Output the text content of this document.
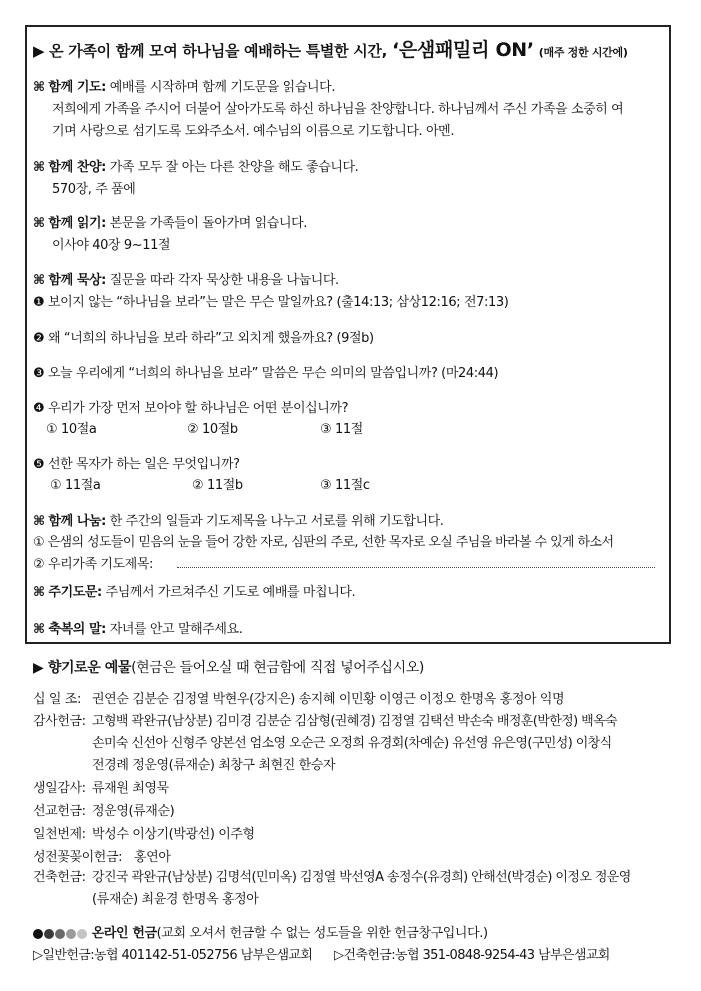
▶ 온 가족이 함께 모여 하나님을 예배하는 특별한 시간, ‘은샘패밀리 ON’ (매주 정한 시간에)
⌘ 함께 기도: 예배를 시작하며 함께 기도문을 읽습니다.
저희에게 가족을 주시어 더불어 살아가도록 하신 하나님을 찬양합니다. 하나님께서 주신 가족을 소중히 여
기며 사랑으로 섬기도록 도와주소서. 예수님의 이름으로 기도합니다. 아멘.
⌘ 함께 찬양: 가족 모두 잘 아는 다른 찬양을 해도 좋습니다.
570장, 주 품에
⌘ 함께 읽기: 본문을 가족들이 돌아가며 읽습니다.
이사야 40장 9~11절
⌘ 함께 묵상: 질문을 따라 각자 묵상한 내용을 나눕니다.
❶ 보이지 않는 “하나님을 보라”는 말은 무슨 말일까요? (출14:13; 삼상12:16; 전7:13)
❷ 왜 “너희의 하나님을 보라 하라”고 외치게 했을까요? (9절b)
❸ 오늘 우리에게 “너희의 하나님을 보라” 말씀은 무슨 의미의 말씀입니까? (마24:44)
❹ 우리가 가장 먼저 보아야 할 하나님은 어떤 분이십니까?
① 10절a	② 10절b	③ 11절
❺ 선한 목자가 하는 일은 무엇입니까?
① 11절a	② 11절b	③ 11절c
⌘ 함께 나눔: 한 주간의 일들과 기도제목을 나누고 서로를 위해 기도합니다.
① 은샘의 성도들이 믿음의 눈을 들어 강한 자로, 심판의 주로, 선한 목자로 오실 주님을 바라볼 수 있게 하소서
② 우리가족 기도제목:
⌘ 주기도문: 주님께서 가르쳐주신 기도로 예배를 마칩니다.
⌘ 축복의 말: 자녀를 안고 말해주세요.
▶ 향기로운 예물(현금은 들어오실 때 현금함에 직접 넣어주십시오)
십 일 조: 권연순 김분순 김정열 박현우(강지은) 송지혜 이민황 이영근 이정오 한명옥 홍정아 익명
감사헌금: 고형백 곽완규(남상분) 김미경 김분순 김삼형(권혜경) 김정열 김택선 박손숙 배정훈(박한정) 백옥숙
손미숙 신선아 신형주 양본선 엄소영 오순근 오정희 유경회(차예순) 유선영 유은영(구민성) 이창식
전경례 정운영(류재순) 최창구 최현진 한승자
생일감사: 류재원 최영묵
선교헌금: 정운영(류재순)
일천번제: 박성수 이상기(박광선) 이주형
성전꽃꽂이헌금: 홍연아
건축헌금: 강진국 곽완규(남상분) 김명석(민미옥) 김정열 박선영A 송정수(유경희) 안해선(박경순) 이정오 정운영
(류재순) 최윤경 한명옥 홍정아
온라인 헌금(교회 오셔서 헌금할 수 없는 성도들을 위한 헌금창구입니다.)
▷일반헌금:농협 401142-51-052756 남부은샘교회 ▷건축헌금:농협 351-0848-9254-43 남부은샘교회
